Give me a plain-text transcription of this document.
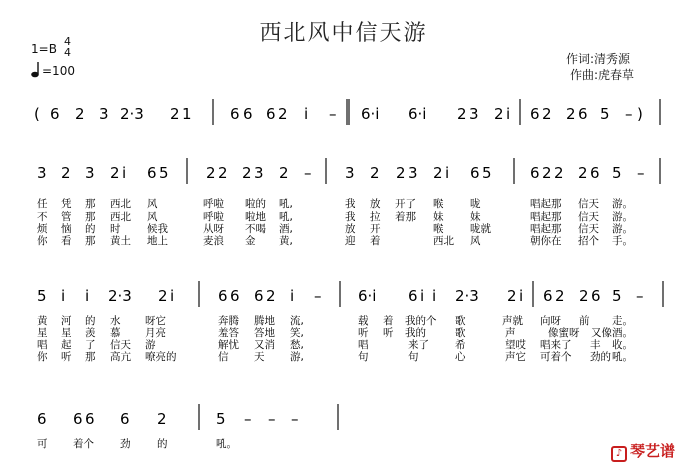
西北风中信天游
1=B
4
4
=100
作词:清秀源
作曲:虎春草
( 6 2 3 2·3 2 1	6 6 6 2 i – 6·i 6·i 2 3 2 i 6 2 2 6 5 – )
3 2 3 2 i 6 5 2 2 2 3 2 – 3 2 2 3 2 i 6 5	6 2 2 2 6 5 –
5 i i 2·3 2 i	6 6 6 2 i – 6·i 6 i i 2·3 2 i 6 2 2 6 5 –
6 6 6 6 2	5 – – –
任 凭 那 西北 风	呼啦 啦的 吼,	我 放 开了 喉	咙	唱起那 信天 游。
不 管 那 西北 风	呼啦 啦地 吼,	我 拉 着那 妹	妹	唱起那 信天 游。
烦 恼 的 时	候我	从呀 不喝 酒,	放 开	喉	咙就	唱起那 信天 游。
你 看 那 黄土 地上	麦浪 金 黄,	迎 着	西北 风	朝你在 招个 手。
黄 河 的 水 呀它	奔腾 腾地 流,	载 着 我的个 歌	声就 向呀 前 走。
星 星 羡 慕 月亮	羞答 答地 笑,	听 听 我的	歌	声	像蜜呀 又像 酒。
唱 起 了 信天 游	解忧 又消 愁,	唱	来了 希	望哎 唱来了 丰 收。
你 听 那 高亢 嘹亮的	信 天 游,	句	句	心	声它 可着个 劲的 吼。
可 着个 劲	的	吼。
♪ 琴艺谱
